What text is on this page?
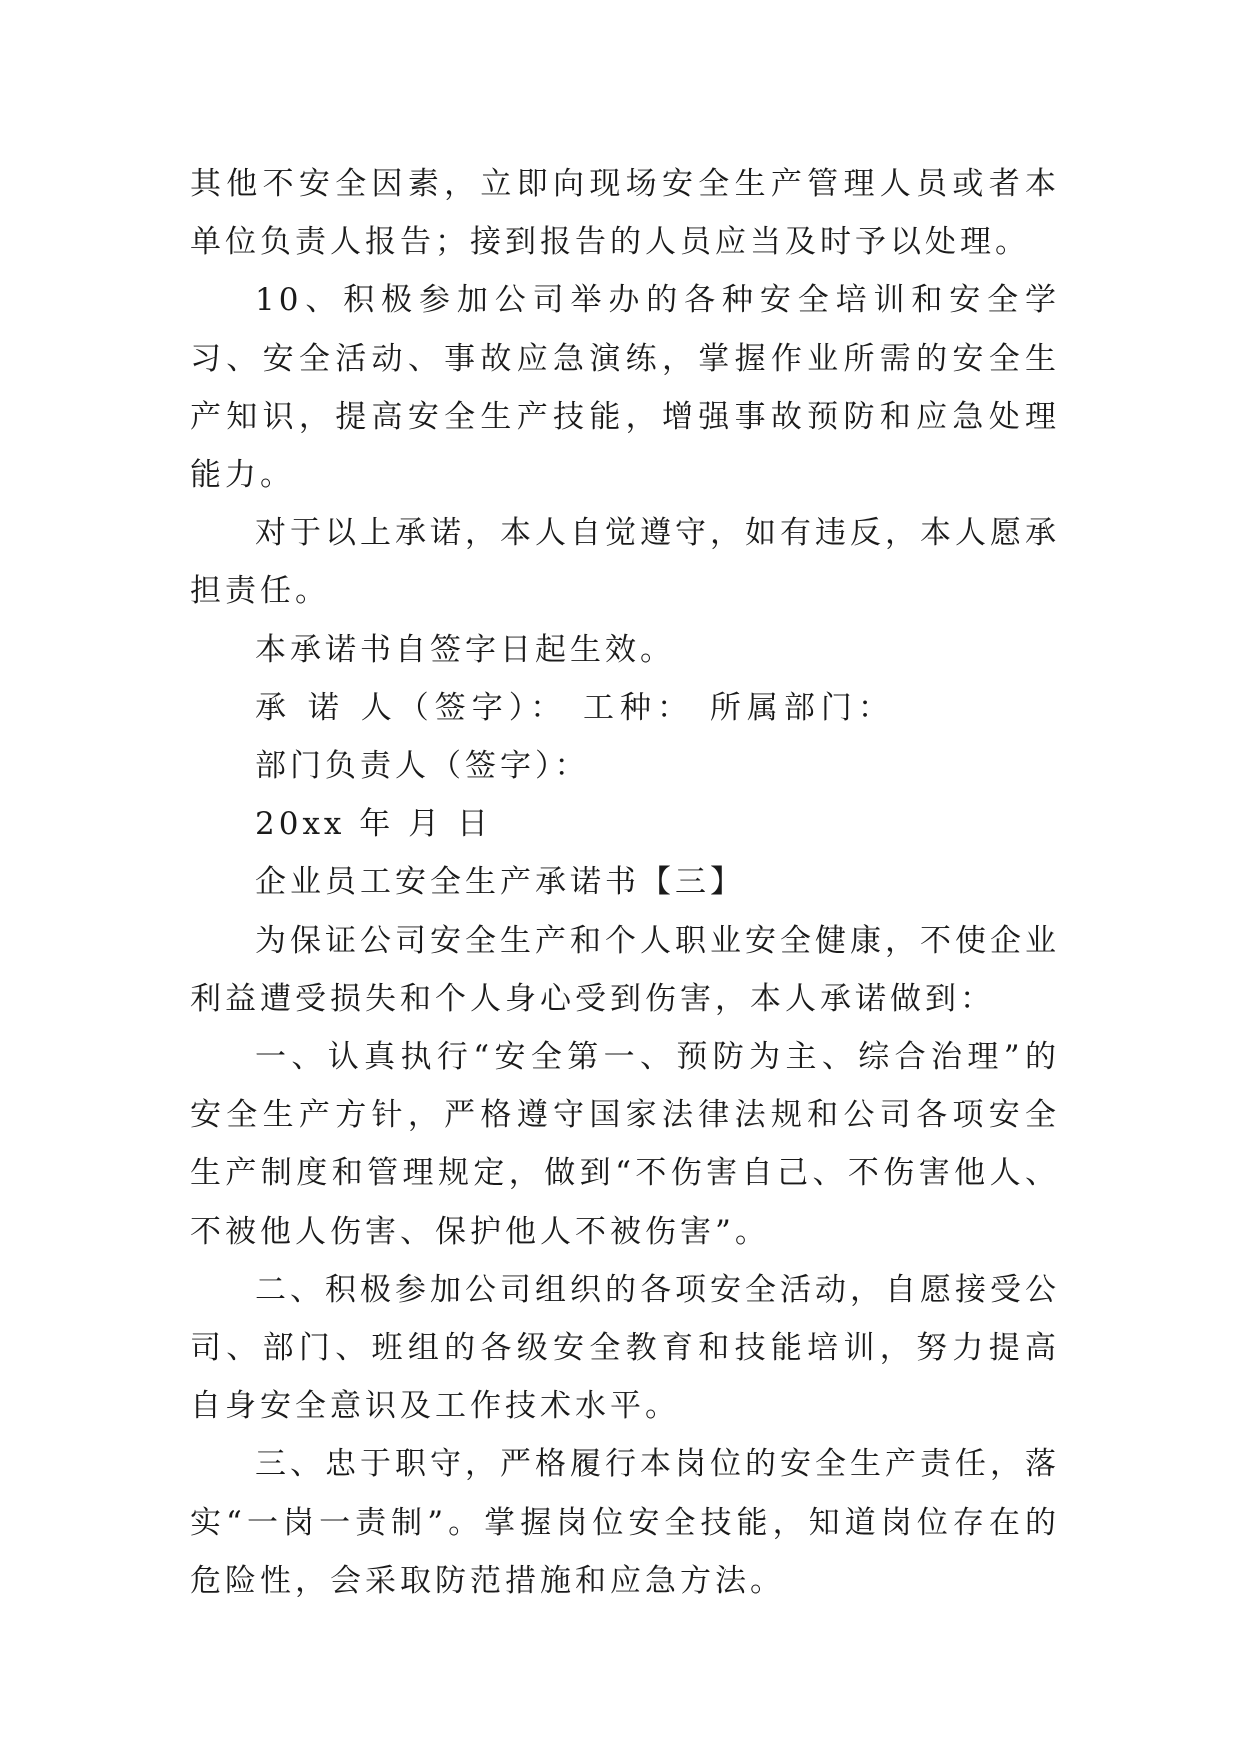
其他不安全因素，立即向现场安全生产管理人员或者本单位负责人报告；接到报告的人员应当及时予以处理。

10、积极参加公司举办的各种安全培训和安全学习、安全活动、事故应急演练，掌握作业所需的安全生产知识，提高安全生产技能，增强事故预防和应急处理能力。

对于以上承诺，本人自觉遵守，如有违反，本人愿承担责任。

本承诺书自签字日起生效。

承 诺 人（签字）： 工种： 所属部门：

部门负责人（签字）：

20xx 年 月 日

企业员工安全生产承诺书【三】

为保证公司安全生产和个人职业安全健康，不使企业利益遭受损失和个人身心受到伤害，本人承诺做到：

一、认真执行“安全第一、预防为主、综合治理”的安全生产方针，严格遵守国家法律法规和公司各项安全生产制度和管理规定，做到“不伤害自己、不伤害他人、不被他人伤害、保护他人不被伤害”。

二、积极参加公司组织的各项安全活动，自愿接受公司、部门、班组的各级安全教育和技能培训，努力提高自身安全意识及工作技术水平。

三、忠于职守，严格履行本岗位的安全生产责任，落实“一岗一责制”。掌握岗位安全技能，知道岗位存在的危险性，会采取防范措施和应急方法。
